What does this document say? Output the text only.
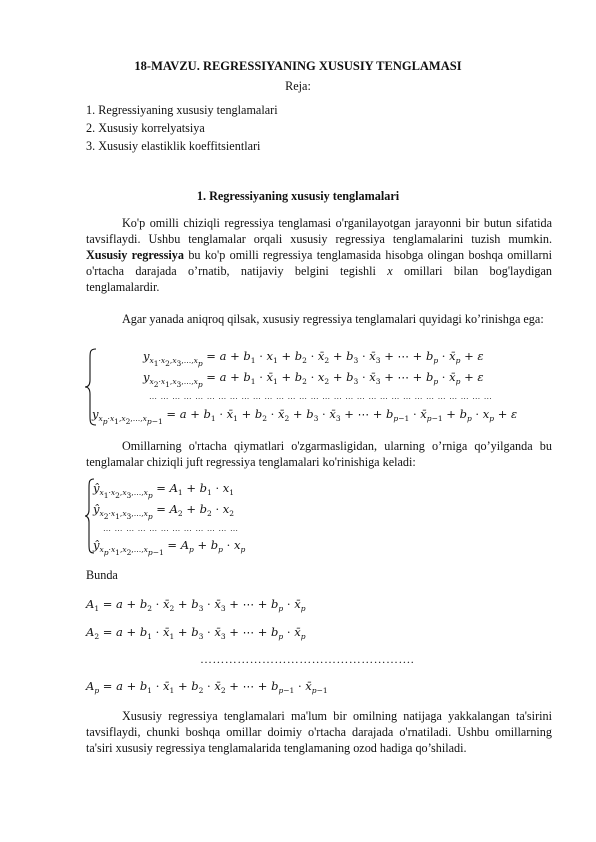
18-MAVZU. REGRESSIYANING XUSUSIY TENGLAMASI
Reja:
1. Regressiyaning xususiy tenglamalari
2. Xususiy korrelyatsiya
3. Xususiy elastiklik koeffitsientlari
1. Regressiyaning xususiy tenglamalari

Ko'p omilli chiziqli regressiya tenglamasi o'rganilayotgan jarayonni bir butun sifatida tavsiflaydi. Ushbu tenglamalar orqali xususiy regressiya tenglamalarini tuzish mumkin. Xususiy regressiya bu ko'p omilli regressiya tenglamasida hisobga olingan boshqa omillarni o'rtacha darajada o’rnatib, natijaviy belgini tegishli x omillari bilan bog'laydigan tenglamalardir.

Agar yanada aniqroq qilsak, xususiy regressiya tenglamalari quyidagi ko’rinishga ega:

$y_{x_1\cdot x_2,x_3,\dots,x_p} = a + b_1 \cdot x_1 + b_2$ · $x̄_2 + b_3$ · $x̄_3$ + ⋯ + $b_p$ · $x̄_p + \varepsilon$
$y_{x_2\cdot x_1,x_3,\dots,x_p} = a + b_1$ · $x̄_1 + b_2 \cdot x_2 + b_3$ · $x̄_3$ + ⋯ + $b_p$ · $x̄_p + \varepsilon$
… … … … … … … … … … … … … … … … … … … … … … … … … … … … … …
$y_{x_p\cdot x_1,x_2,\dots,x_{p-1}} = a + b_1$ · $x̄_1 + b_2$ · $x̄_2 + b_3$ · $x̄_3$ + ⋯ + $b_{p-1}$ · $x̄_{p-1} + b_p \cdot x_p + \varepsilon$

Omillarning o'rtacha qiymatlari o'zgarmasligidan, ularning o’rniga qo’yilganda bu tenglamalar chiziqli juft regressiya tenglamalari ko'rinishiga keladi:

$ŷ_{x_1\cdot x_2,x_3,\dots,x_p} = A_1 + b_1 \cdot x_1$
$ŷ_{x_2\cdot x_1,x_3,\dots,x_p} = A_2 + b_2 \cdot x_2$
… … … … … … … … … … … …
$ŷ_{x_p\cdot x_1,x_2,\dots,x_{p-1}} = A_p + b_p \cdot x_p$
Bunda
$A_1 = a + b_2$ · $x̄_2 + b_3$ · $x̄_3$ + ⋯ + $b_p$ · $x̄_p$
$A_2 = a + b_1$ · $x̄_1 + b_3$ · $x̄_3$ + ⋯ + $b_p$ · $x̄_p$
…………………………………………….
$A_p = a + b_1$ · $x̄_1 + b_2$ · $x̄_2$ + ⋯ + $b_{p-1}$ · $x̄_{p-1}$

Xususiy regressiya tenglamalari ma'lum bir omilning natijaga yakkalangan ta'sirini tavsiflaydi, chunki boshqa omillar doimiy o'rtacha darajada o'rnatiladi. Ushbu omillarning ta'siri xususiy regressiya tenglamalarida tenglamaning ozod hadiga qo’shiladi.
